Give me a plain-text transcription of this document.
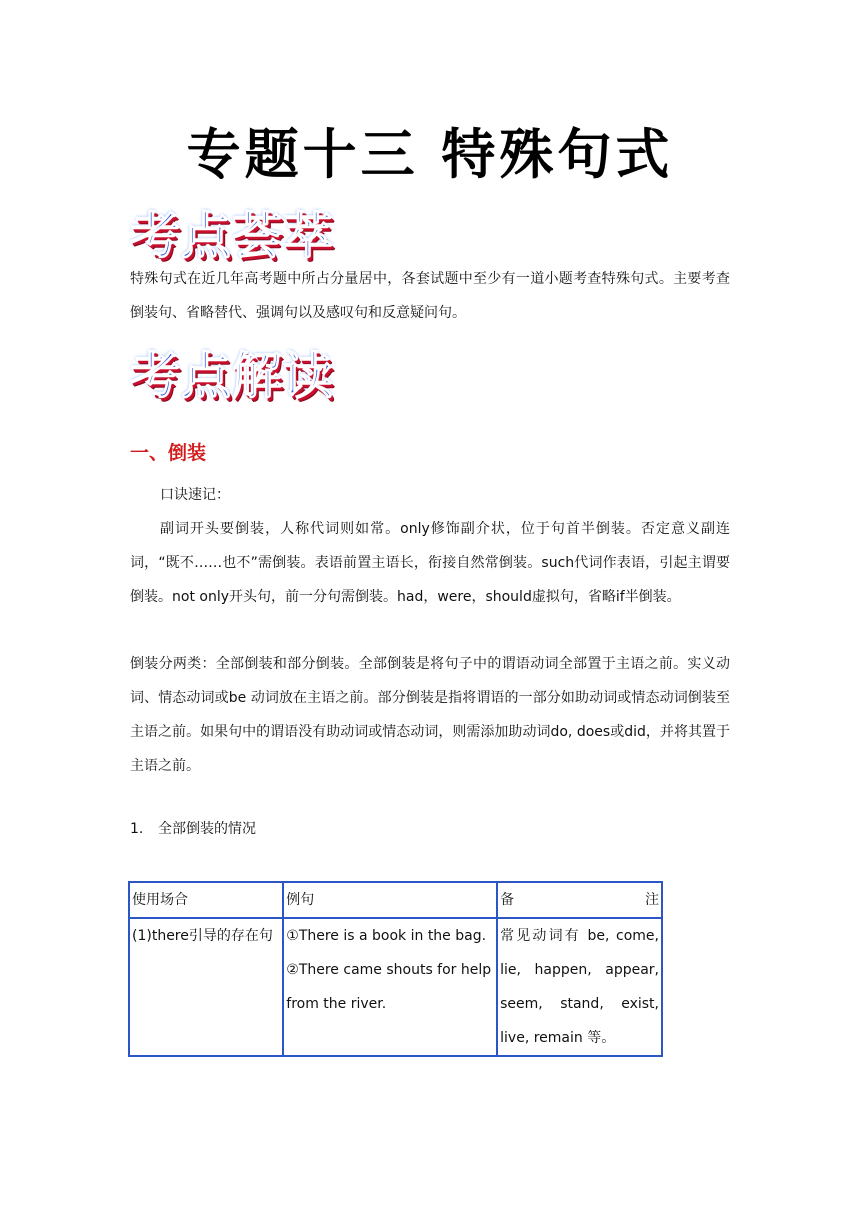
专题十三 特殊句式
考点荟萃

特殊句式在近几年高考题中所占分量居中，各套试题中至少有一道小题考查特殊句式。主要考查倒装句、省略替代、强调句以及感叹句和反意疑问句。

考点解读
一、倒装

口诀速记：

副词开头要倒装，人称代词则如常。only修饰副介状，位于句首半倒装。否定意义副连词，“既不……也不”需倒装。表语前置主语长，衔接自然常倒装。such代词作表语，引起主谓要倒装。not only开头句，前一分句需倒装。had，were，should虚拟句，省略if半倒装。

倒装分两类：全部倒装和部分倒装。全部倒装是将句子中的谓语动词全部置于主语之前。实义动词、情态动词或be 动词放在主语之前。部分倒装是指将谓语的一部分如助动词或情态动词倒装至主语之前。如果句中的谓语没有助动词或情态动词，则需添加助动词do, does或did，并将其置于主语之前。

1. 全部倒装的情况
使用场合	例句	备注
(1)there引导的存在句	①There is a book in the bag.
②There came shouts for help
from the river.	常见动词有 be, come,
lie, happen, appear,
seem, stand, exist,
live, remain 等。
